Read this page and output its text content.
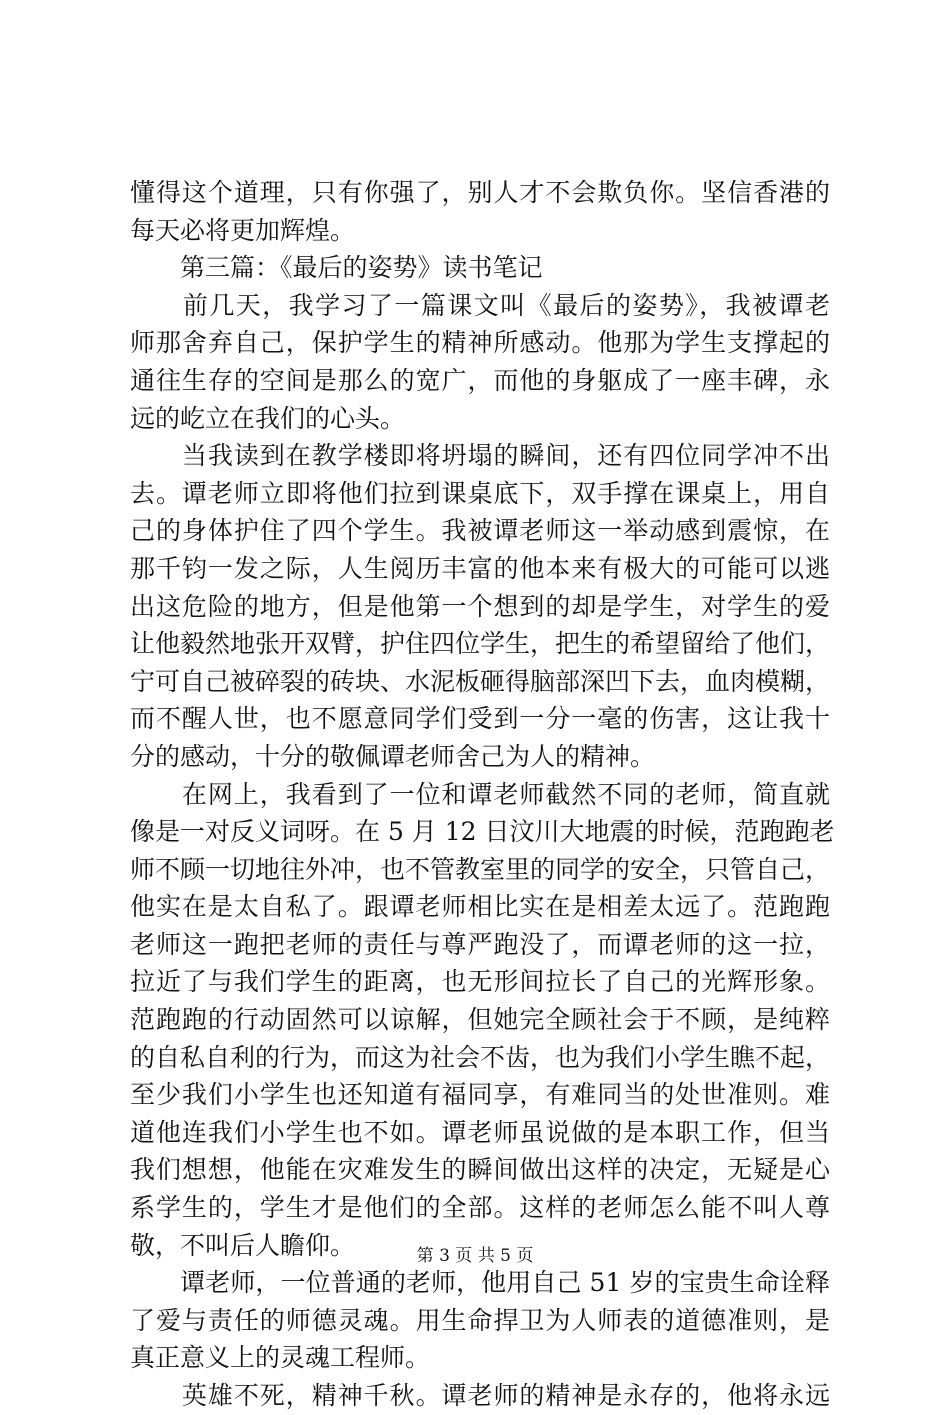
懂得这个道理，只有你强了，别人才不会欺负你。坚信香港的
每天必将更加辉煌。
　　第三篇：《最后的姿势》读书笔记
　　前几天，我学习了一篇课文叫《最后的姿势》，我被谭老
师那舍弃自己，保护学生的精神所感动。他那为学生支撑起的
通往生存的空间是那么的宽广，而他的身躯成了一座丰碑，永
远的屹立在我们的心头。
　　当我读到在教学楼即将坍塌的瞬间，还有四位同学冲不出
去。谭老师立即将他们拉到课桌底下，双手撑在课桌上，用自
己的身体护住了四个学生。我被谭老师这一举动感到震惊，在
那千钧一发之际，人生阅历丰富的他本来有极大的可能可以逃
出这危险的地方，但是他第一个想到的却是学生，对学生的爱
让他毅然地张开双臂，护住四位学生，把生的希望留给了他们，
宁可自己被碎裂的砖块、水泥板砸得脑部深凹下去，血肉模糊，
而不醒人世，也不愿意同学们受到一分一毫的伤害，这让我十
分的感动，十分的敬佩谭老师舍己为人的精神。
　　在网上，我看到了一位和谭老师截然不同的老师，简直就
像是一对反义词呀。在 5 月 12 日汶川大地震的时候，范跑跑老
师不顾一切地往外冲，也不管教室里的同学的安全，只管自己，
他实在是太自私了。跟谭老师相比实在是相差太远了。范跑跑
老师这一跑把老师的责任与尊严跑没了，而谭老师的这一拉，
拉近了与我们学生的距离，也无形间拉长了自己的光辉形象。
范跑跑的行动固然可以谅解，但她完全顾社会于不顾，是纯粹
的自私自利的行为，而这为社会不齿，也为我们小学生瞧不起，
至少我们小学生也还知道有福同享，有难同当的处世准则。难
道他连我们小学生也不如。谭老师虽说做的是本职工作，但当
我们想想，他能在灾难发生的瞬间做出这样的决定，无疑是心
系学生的，学生才是他们的全部。这样的老师怎么能不叫人尊
敬，不叫后人瞻仰。
　　谭老师，一位普通的老师，他用自己 51 岁的宝贵生命诠释
了爱与责任的师德灵魂。用生命捍卫为人师表的道德准则，是
真正意义上的灵魂工程师。
　　英雄不死，精神千秋。谭老师的精神是永存的，他将永远
第 3 页 共 5 页
